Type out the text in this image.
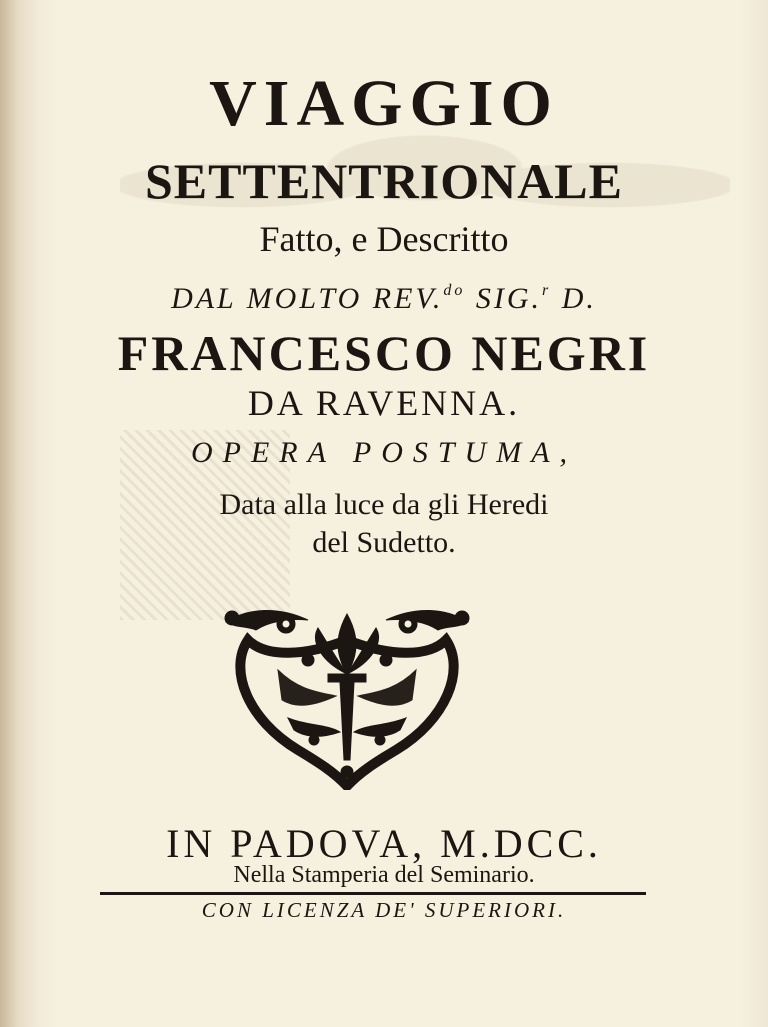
VIAGGIO
SETTENTRIONALE
Fatto, e Descritto
DAL MOLTO REV.$^{do}$ SIG.$^r$ D.
FRANCESCO NEGRI
DA RAVENNA.
OPERA POSTUMA,
Data alla luce da gli Heredi
del Sudetto.
IN PADOVA, M.DCC.
Nella Stamperia del Seminario.
CON LICENZA DE' SUPERIORI.
